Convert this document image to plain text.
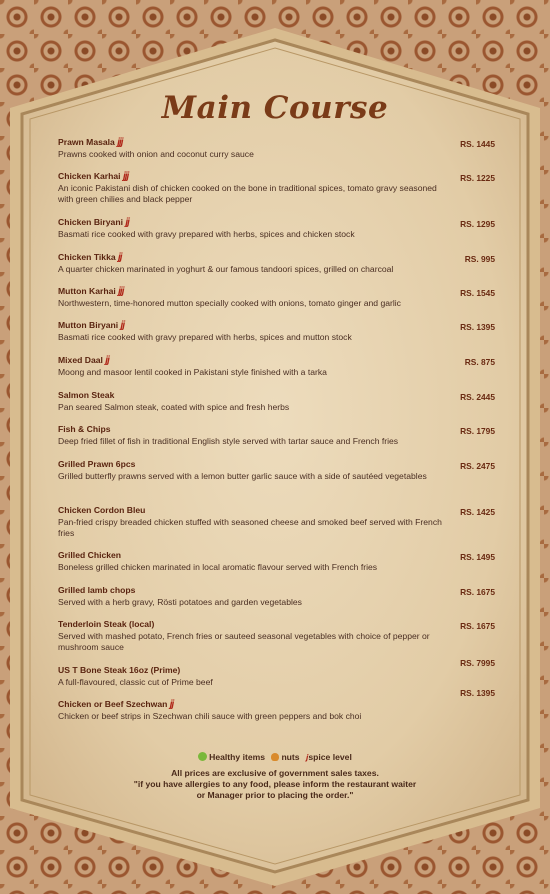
Main Course
Prawn Masala ϳϳϳ
Prawns cooked with onion and coconut curry sauce
RS. 1445
Chicken Karhai ϳϳϳ
An iconic Pakistani dish of chicken cooked on the bone in traditional spices, tomato gravy seasoned with green chilies and black pepper
RS. 1225
Chicken Biryani ϳϳ
Basmati rice cooked with gravy prepared with herbs, spices and chicken stock
RS. 1295
Chicken Tikka ϳϳ
A quarter chicken marinated in yoghurt & our famous tandoori spices, grilled on charcoal
RS. 995
Mutton Karhai ϳϳϳ
Northwestern, time-honored mutton specially cooked with onions, tomato ginger and garlic
RS. 1545
Mutton Biryani ϳϳ
Basmati rice cooked with gravy prepared with herbs, spices and mutton stock
RS. 1395
Mixed Daal ϳϳ
Moong and masoor lentil cooked in Pakistani style finished with a tarka
RS. 875
Salmon Steak
Pan seared Salmon steak, coated with spice and fresh herbs
RS. 2445
Fish & Chips
Deep fried fillet of fish in traditional English style served with tartar sauce and French fries
RS. 1795
Grilled Prawn 6pcs
Grilled butterfly prawns served with a lemon butter garlic sauce with a side of sautéed vegetables
RS. 2475
Chicken Cordon Bleu
Pan-fried crispy breaded chicken stuffed with seasoned cheese and smoked beef served with French fries
RS. 1425
Grilled Chicken
Boneless grilled chicken marinated in local aromatic flavour served with French fries
RS. 1495
Grilled lamb chops
Served with a herb gravy, Rösti potatoes and garden vegetables
RS. 1675
Tenderloin Steak (local)
Served with mashed potato, French fries or sauteed seasonal vegetables with choice of pepper or mushroom sauce
RS. 1675
US T Bone Steak 16oz (Prime)
A full-flavoured, classic cut of Prime beef
RS. 7995
Chicken or Beef Szechwan ϳϳ
Chicken or beef strips in Szechwan chili sauce with green peppers and bok choi
RS. 1395
Healthy items nuts ϳspice level
All prices are exclusive of government sales taxes.
"if you have allergies to any food, please inform the restaurant waiter
or Manager prior to placing the order."
